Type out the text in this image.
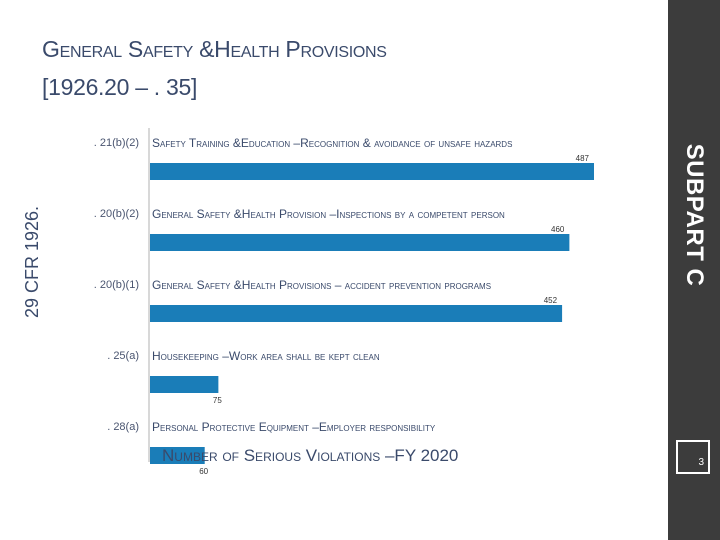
General Safety &Health Provisions
[1926.20 – . 35]
29 CFR 1926.
. 21(b)(2) Safety Training &Education –Recognition & avoidance of unsafe hazards
487
. 20(b)(2) General Safety &Health Provision –Inspections by a competent person
460
. 20(b)(1) General Safety &Health Provisions – accident prevention programs
452
. 25(a) Housekeeping –Work area shall be kept clean
75
. 28(a) Personal Protective Equipment –Employer responsibility
60
Number of Serious Violations –FY 2020
SUBPART C
3
